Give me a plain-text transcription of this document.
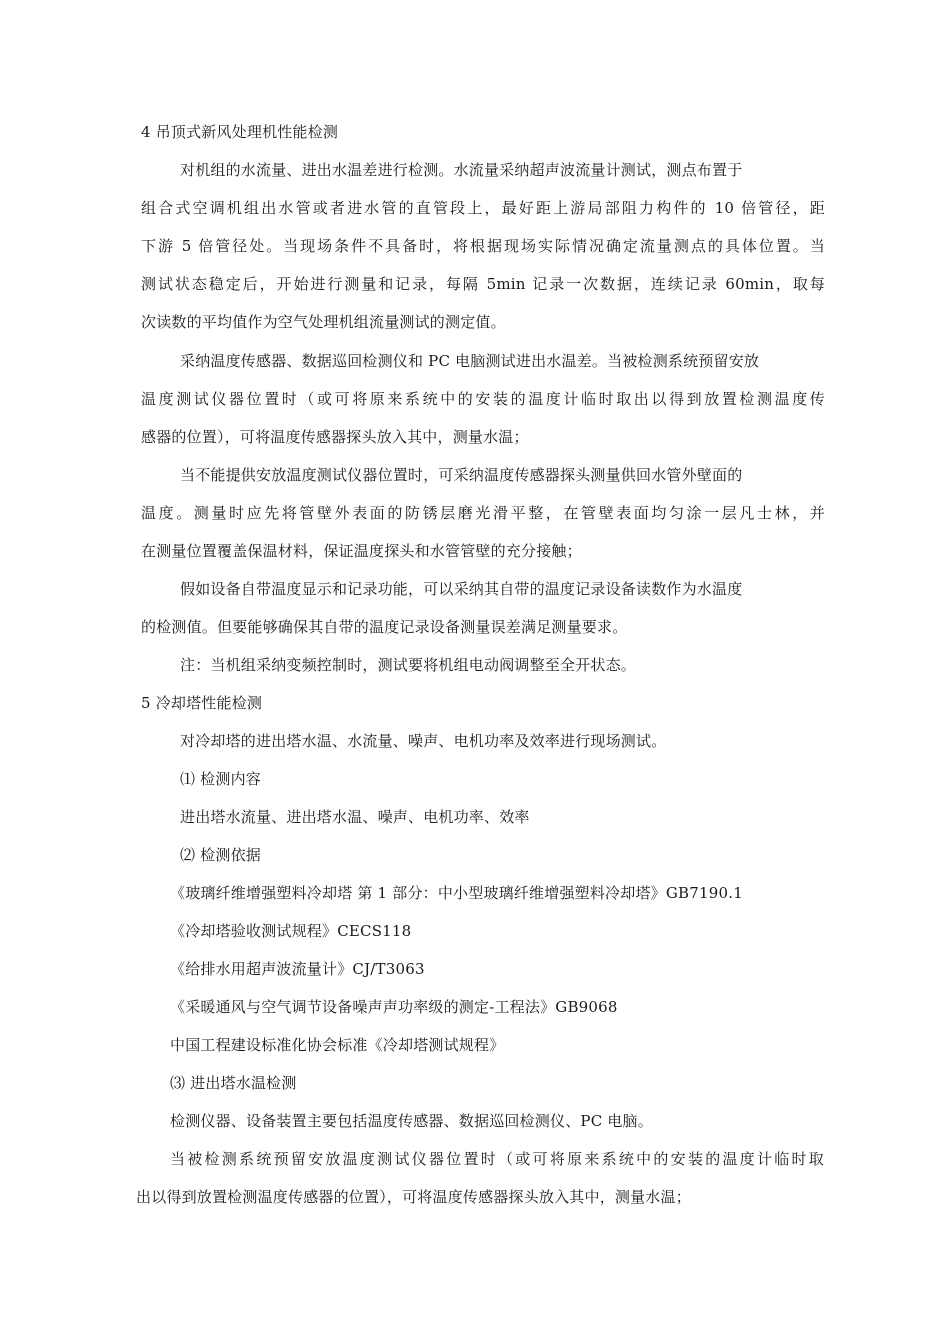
4 吊顶式新风处理机性能检测
对机组的水流量、进出水温差进行检测。水流量采纳超声波流量计测试，测点布置于
组合式空调机组出水管或者进水管的直管段上，最好距上游局部阻力构件的 10 倍管径，距
下游 5 倍管径处。当现场条件不具备时，将根据现场实际情况确定流量测点的具体位置。当
测试状态稳定后，开始进行测量和记录，每隔 5min 记录一次数据，连续记录 60min，取每
次读数的平均值作为空气处理机组流量测试的测定值。
采纳温度传感器、数据巡回检测仪和 PC 电脑测试进出水温差。当被检测系统预留安放
温度测试仪器位置时（或可将原来系统中的安装的温度计临时取出以得到放置检测温度传
感器的位置），可将温度传感器探头放入其中，测量水温；
当不能提供安放温度测试仪器位置时，可采纳温度传感器探头测量供回水管外壁面的
温度。测量时应先将管壁外表面的防锈层磨光滑平整，在管壁表面均匀涂一层凡士林，并
在测量位置覆盖保温材料，保证温度探头和水管管壁的充分接触；
假如设备自带温度显示和记录功能，可以采纳其自带的温度记录设备读数作为水温度
的检测值。但要能够确保其自带的温度记录设备测量误差满足测量要求。
注：当机组采纳变频控制时，测试要将机组电动阀调整至全开状态。
5 冷却塔性能检测
对冷却塔的进出塔水温、水流量、噪声、电机功率及效率进行现场测试。
⑴ 检测内容
进出塔水流量、进出塔水温、噪声、电机功率、效率
⑵ 检测依据
《玻璃纤维增强塑料冷却塔 第 1 部分：中小型玻璃纤维增强塑料冷却塔》GB7190.1
《冷却塔验收测试规程》CECS118
《给排水用超声波流量计》CJ/T3063
《采暖通风与空气调节设备噪声声功率级的测定-工程法》GB9068
中国工程建设标准化协会标准《冷却塔测试规程》
⑶ 进出塔水温检测
检测仪器、设备装置主要包括温度传感器、数据巡回检测仪、PC 电脑。
当被检测系统预留安放温度测试仪器位置时（或可将原来系统中的安装的温度计临时取
出以得到放置检测温度传感器的位置），可将温度传感器探头放入其中，测量水温；
